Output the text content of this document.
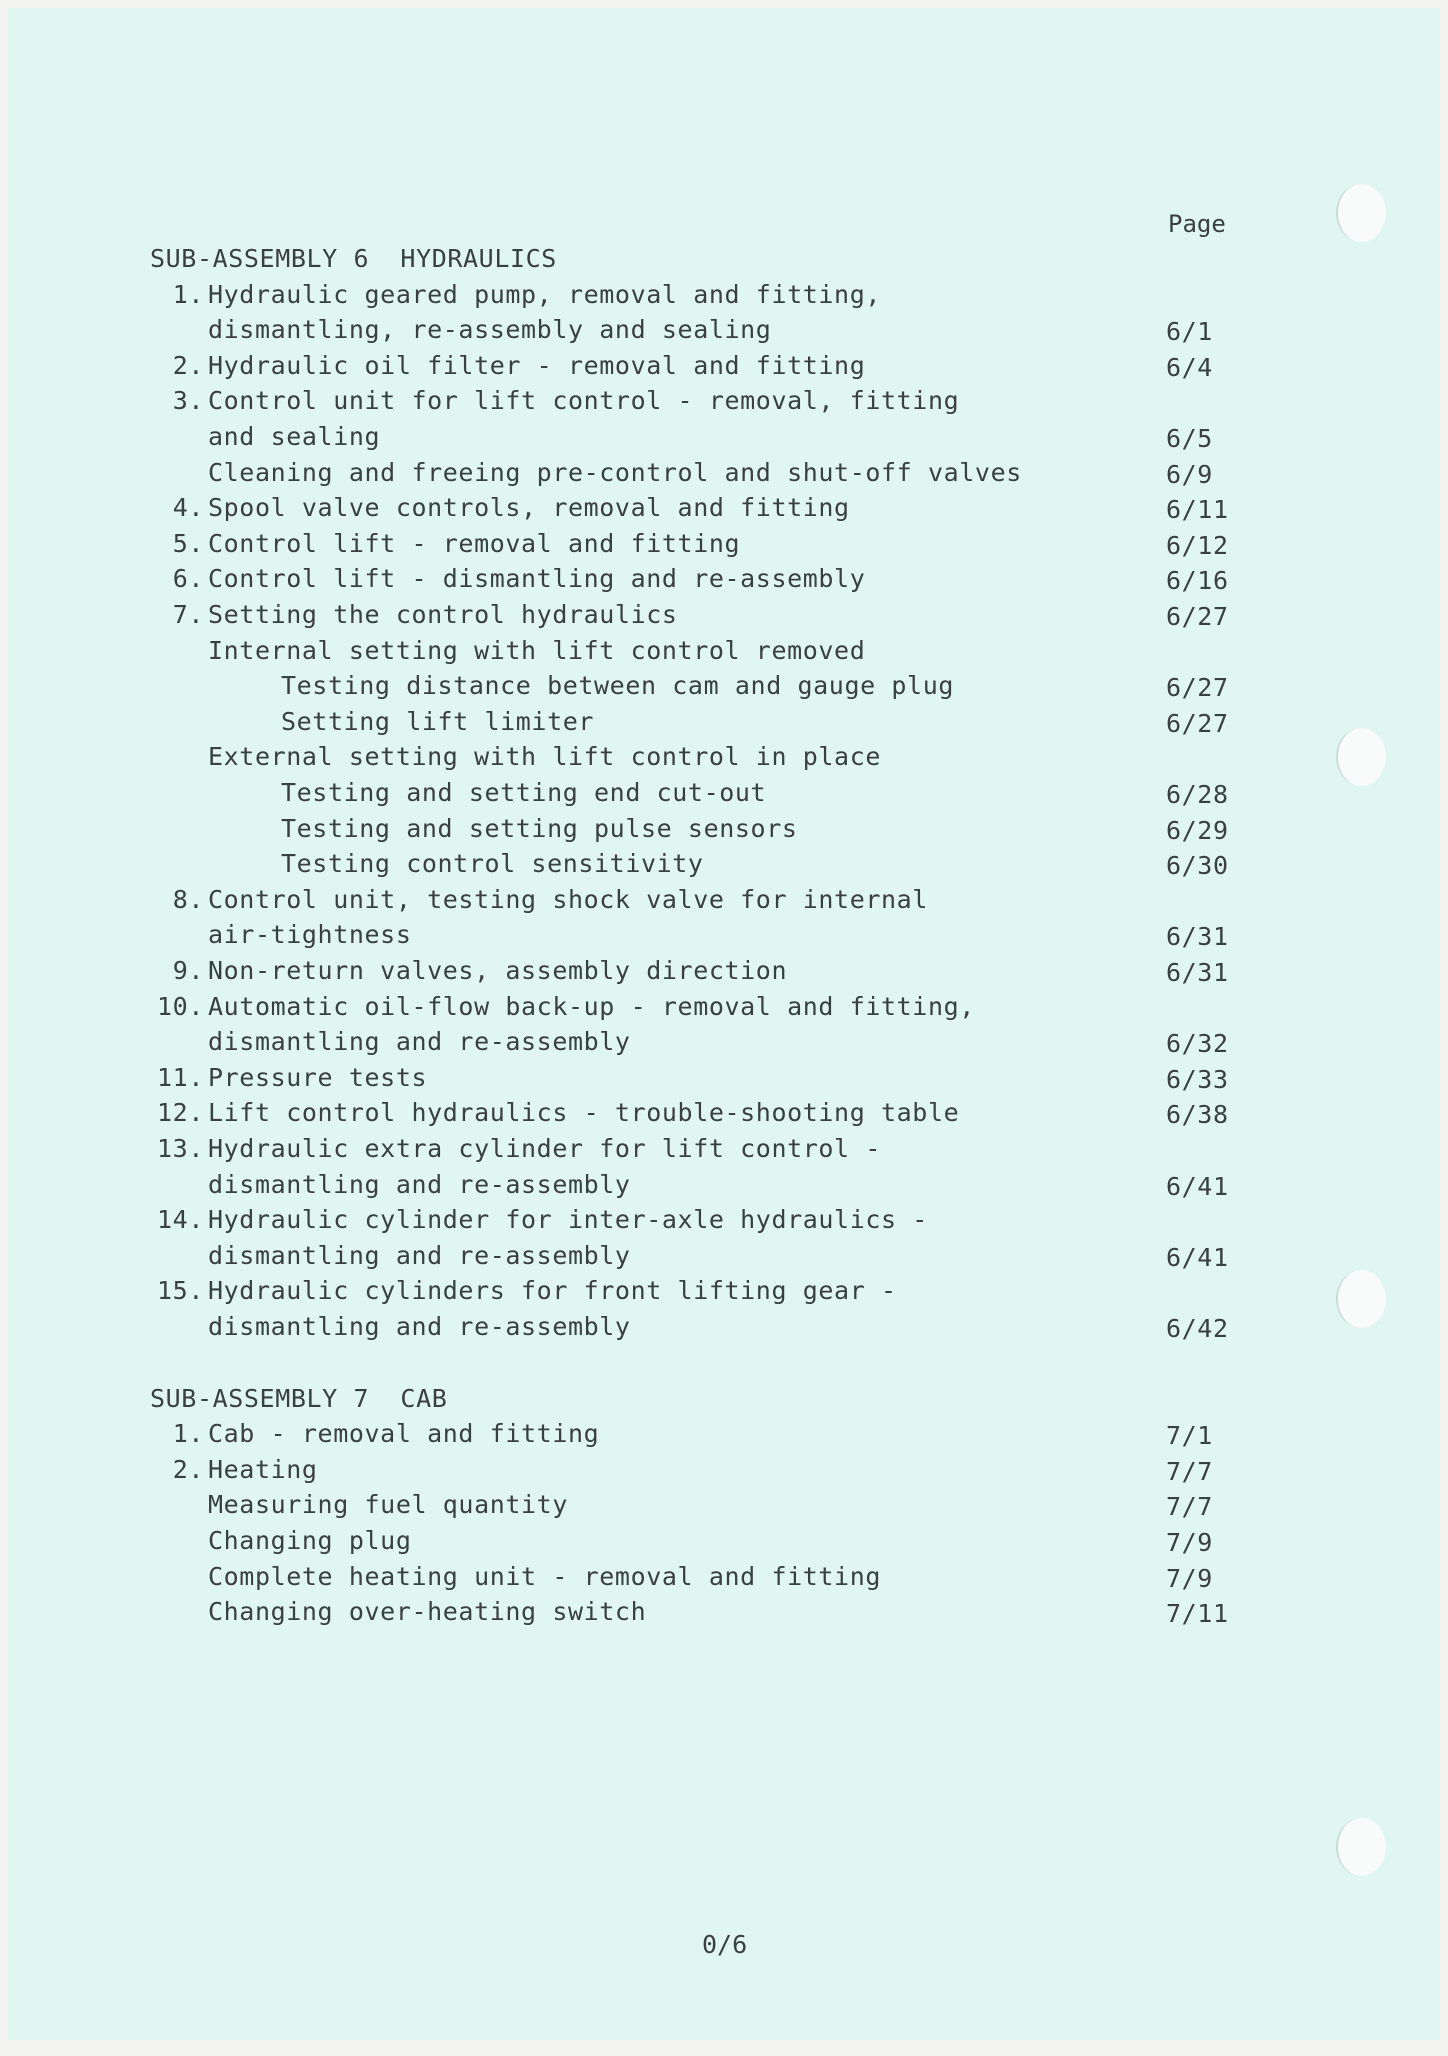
Page
SUB-ASSEMBLY 6  HYDRAULICS
1. Hydraulic geared pump, removal and fitting,
dismantling, re-assembly and sealing	6/1
2. Hydraulic oil filter - removal and fitting	6/4
3. Control unit for lift control - removal, fitting
and sealing	6/5
Cleaning and freeing pre-control and shut-off valves	6/9
4. Spool valve controls, removal and fitting	6/11
5. Control lift - removal and fitting	6/12
6. Control lift - dismantling and re-assembly	6/16
7. Setting the control hydraulics	6/27
Internal setting with lift control removed
Testing distance between cam and gauge plug	6/27
Setting lift limiter	6/27
External setting with lift control in place
Testing and setting end cut-out	6/28
Testing and setting pulse sensors	6/29
Testing control sensitivity	6/30
8. Control unit, testing shock valve for internal
air-tightness	6/31
9. Non-return valves, assembly direction	6/31
10. Automatic oil-flow back-up - removal and fitting,
dismantling and re-assembly	6/32
11. Pressure tests	6/33
12. Lift control hydraulics - trouble-shooting table	6/38
13. Hydraulic extra cylinder for lift control -
dismantling and re-assembly	6/41
14. Hydraulic cylinder for inter-axle hydraulics -
dismantling and re-assembly	6/41
15. Hydraulic cylinders for front lifting gear -
dismantling and re-assembly	6/42
SUB-ASSEMBLY 7  CAB
1. Cab - removal and fitting	7/1
2. Heating	7/7
Measuring fuel quantity	7/7
Changing plug	7/9
Complete heating unit - removal and fitting	7/9
Changing over-heating switch	7/11
0/6
